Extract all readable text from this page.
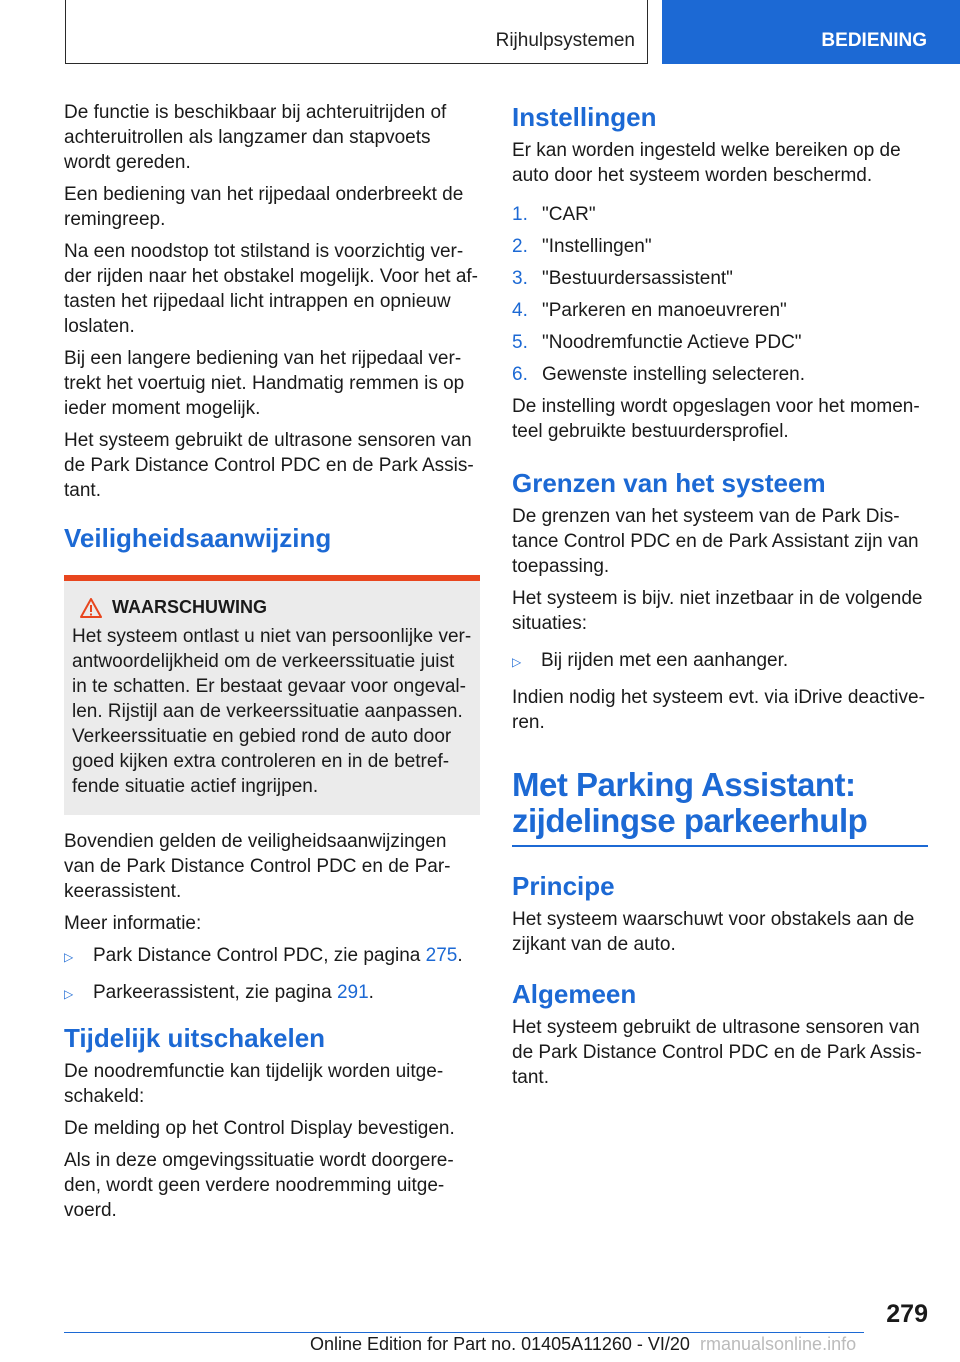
Rijhulpsystemen	BEDIENING

De functie is beschikbaar bij achteruitrijden of achteruitrollen als langzamer dan stapvoets wordt gereden.

Een bediening van het rijpedaal onderbreekt de remingreep.

Na een noodstop tot stilstand is voorzichtig ver-der rijden naar het obstakel mogelijk. Voor het af-tasten het rijpedaal licht intrappen en opnieuw loslaten.

Bij een langere bediening van het rijpedaal ver-trekt het voertuig niet. Handmatig remmen is op ieder moment mogelijk.

Het systeem gebruikt de ultrasone sensoren van de Park Distance Control PDC en de Park Assis-tant.

Veiligheidsaanwijzing
WAARSCHUWING

Het systeem ontlast u niet van persoonlijke ver-antwoordelijkheid om de verkeerssituatie juist in te schatten. Er bestaat gevaar voor ongeval-len. Rijstijl aan de verkeerssituatie aanpassen. Verkeerssituatie en gebied rond de auto door goed kijken extra controleren en in de betref-fende situatie actief ingrijpen.

Bovendien gelden de veiligheidsaanwijzingen van de Park Distance Control PDC en de Par-keerassistent.

Meer informatie:

▷	Park Distance Control PDC, zie pagina 275.
▷	Parkeerassistent, zie pagina 291.
Tijdelijk uitschakelen

De noodremfunctie kan tijdelijk worden uitge-schakeld:

De melding op het Control Display bevestigen.

Als in deze omgevingssituatie wordt doorgere-den, wordt geen verdere noodremming uitge-voerd.

Instellingen

Er kan worden ingesteld welke bereiken op de auto door het systeem worden beschermd.

1. "CAR"
2. "Instellingen"
3. "Bestuurdersassistent"
4. "Parkeren en manoeuvreren"
5. "Noodremfunctie Actieve PDC"
6. Gewenste instelling selecteren.

De instelling wordt opgeslagen voor het momen-teel gebruikte bestuurdersprofiel.

Grenzen van het systeem

De grenzen van het systeem van de Park Dis-tance Control PDC en de Park Assistant zijn van toepassing.

Het systeem is bijv. niet inzetbaar in de volgende situaties:

▷	Bij rijden met een aanhanger.

Indien nodig het systeem evt. via iDrive deactive-ren.

Met Parking Assistant: zijdelingse parkeerhulp
Principe

Het systeem waarschuwt voor obstakels aan de zijkant van de auto.

Algemeen

Het systeem gebruikt de ultrasone sensoren van de Park Distance Control PDC en de Park Assis-tant.

279
Online Edition for Part no. 01405A11260 - VI/20 rmanualsonline.info
